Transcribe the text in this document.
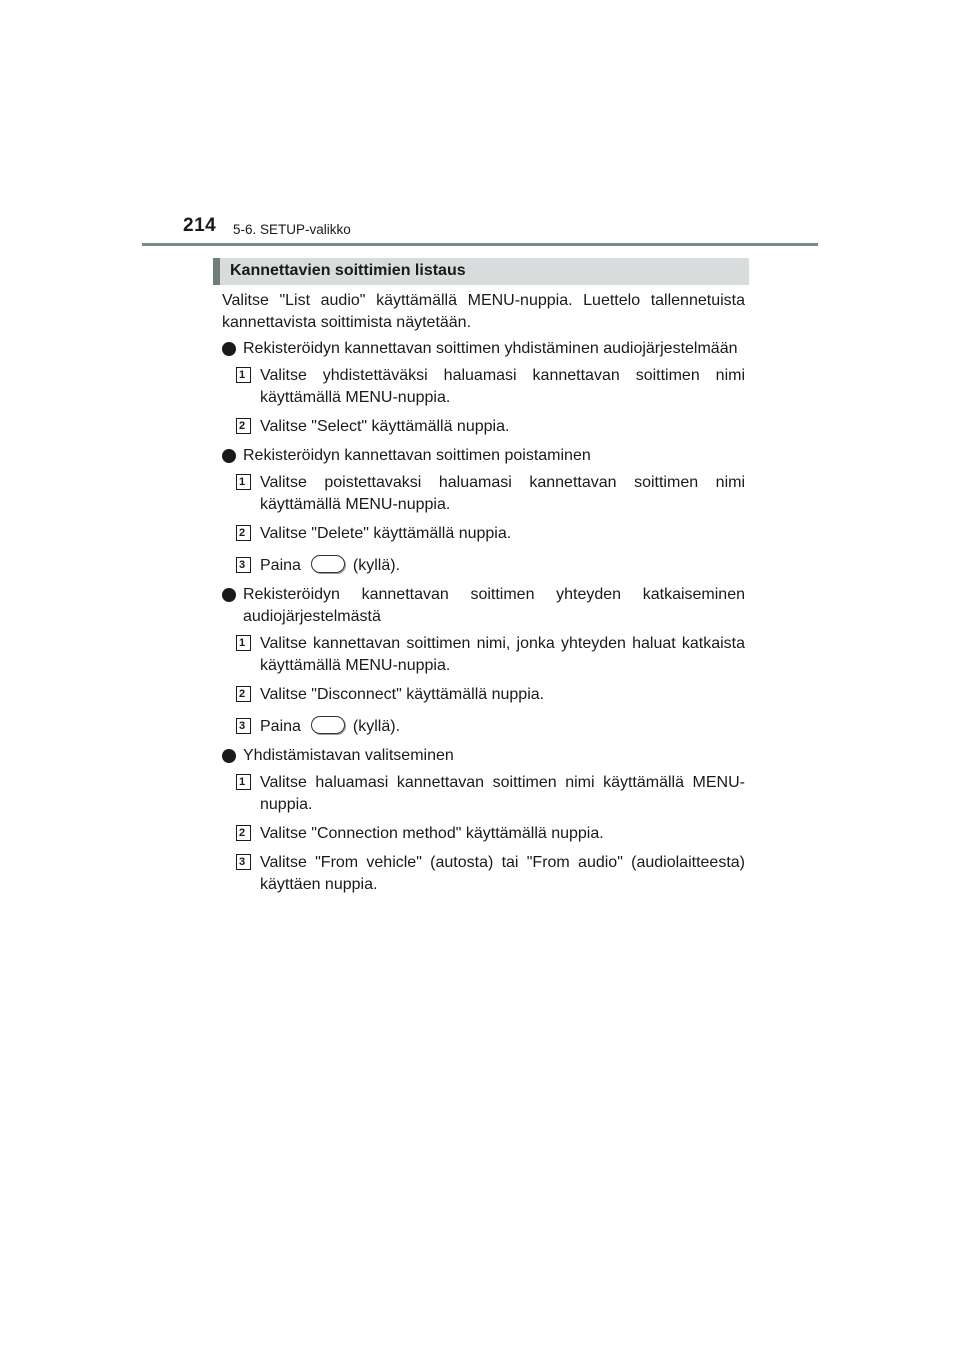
214 5-6. SETUP-valikko
Kannettavien soittimien listaus

Valitse "List audio" käyttämällä MENU-nuppia. Luettelo tallennetuista kannettavista soittimista näytetään.

Rekisteröidyn kannettavan soittimen yhdistäminen audiojärjestelmään
1 Valitse yhdistettäväksi haluamasi kannettavan soittimen nimi käyttämällä MENU-nuppia.
2 Valitse "Select" käyttämällä nuppia.
Rekisteröidyn kannettavan soittimen poistaminen
1 Valitse poistettavaksi haluamasi kannettavan soittimen nimi käyttämällä MENU-nuppia.
2 Valitse "Delete" käyttämällä nuppia.
3 Paina	(kyllä).
Rekisteröidyn kannettavan soittimen yhteyden katkaiseminen audiojärjestelmästä
1 Valitse kannettavan soittimen nimi, jonka yhteyden haluat katkaista käyttämällä MENU-nuppia.
2 Valitse "Disconnect" käyttämällä nuppia.
3 Paina	(kyllä).
Yhdistämistavan valitseminen
1 Valitse haluamasi kannettavan soittimen nimi käyttämällä MENU-nuppia.
2 Valitse "Connection method" käyttämällä nuppia.
3 Valitse "From vehicle" (autosta) tai "From audio" (audiolaitteesta) käyttäen nuppia.
